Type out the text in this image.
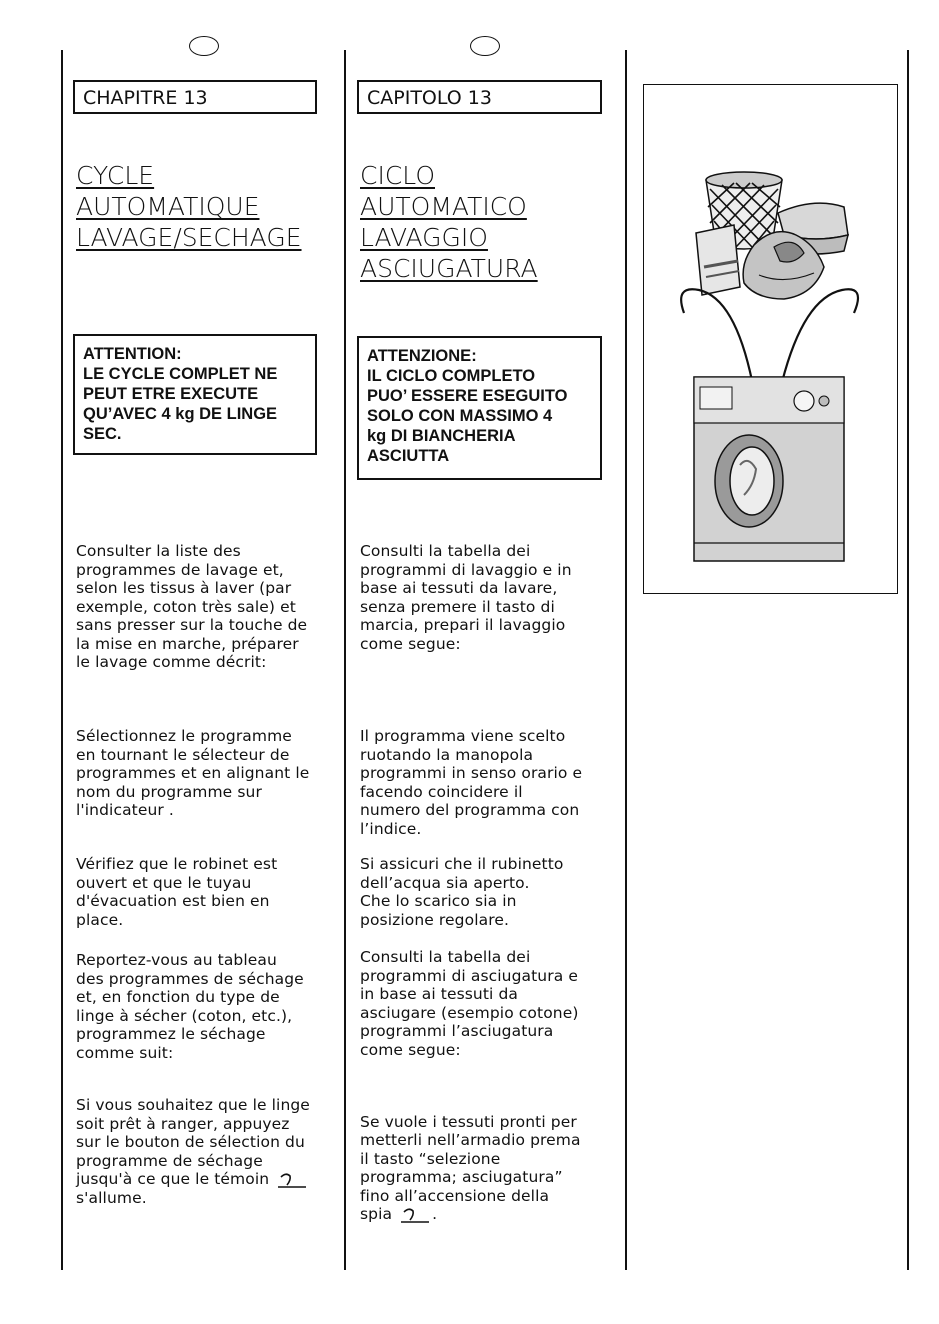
CHAPITRE 13
CYCLE
AUTOMATIQUE
LAVAGE/SECHAGE
ATTENTION:
LE CYCLE COMPLET NE
PEUT ETRE EXECUTE
QU’AVEC 4 kg DE LINGE
SEC.
Consulter la liste des
programmes de lavage et,
selon les tissus à laver (par
exemple, coton très sale) et
sans presser sur la touche de
la mise en marche, préparer
le lavage comme décrit:
Sélectionnez le programme
en tournant le sélecteur de
programmes et en alignant le
nom du programme sur
l'indicateur .
Vérifiez que le robinet est
ouvert et que le tuyau
d'évacuation est bien en
place.
Reportez-vous au tableau
des programmes de séchage
et, en fonction du type de
linge à sécher (coton, etc.),
programmez le séchage
comme suit:
Si vous souhaitez que le linge
soit prêt à ranger, appuyez
sur le bouton de sélection du
programme de séchage
jusqu'à ce que le témoin
s'allume.
CAPITOLO 13
CICLO
AUTOMATICO
LAVAGGIO
ASCIUGATURA
ATTENZIONE:
IL CICLO COMPLETO
PUO’ ESSERE ESEGUITO
SOLO CON MASSIMO 4
kg DI BIANCHERIA
ASCIUTTA
Consulti la tabella dei
programmi di lavaggio e in
base ai tessuti da lavare,
senza premere il tasto di
marcia, prepari il lavaggio
come segue:
Il programma viene scelto
ruotando la manopola
programmi in senso orario e
facendo coincidere il
numero del programma con
l’indice.
Si assicuri che il rubinetto
dell’acqua sia aperto.
Che lo scarico sia in
posizione regolare.
Consulti la tabella dei
programmi di asciugatura e
in base ai tessuti da
asciugare (esempio cotone)
programmi l’asciugatura
come segue:

Se vuole i tessuti pronti per
metterli nell’armadio prema
il tasto “selezione
programma; asciugatura”
fino all’accensione della
spia	.
